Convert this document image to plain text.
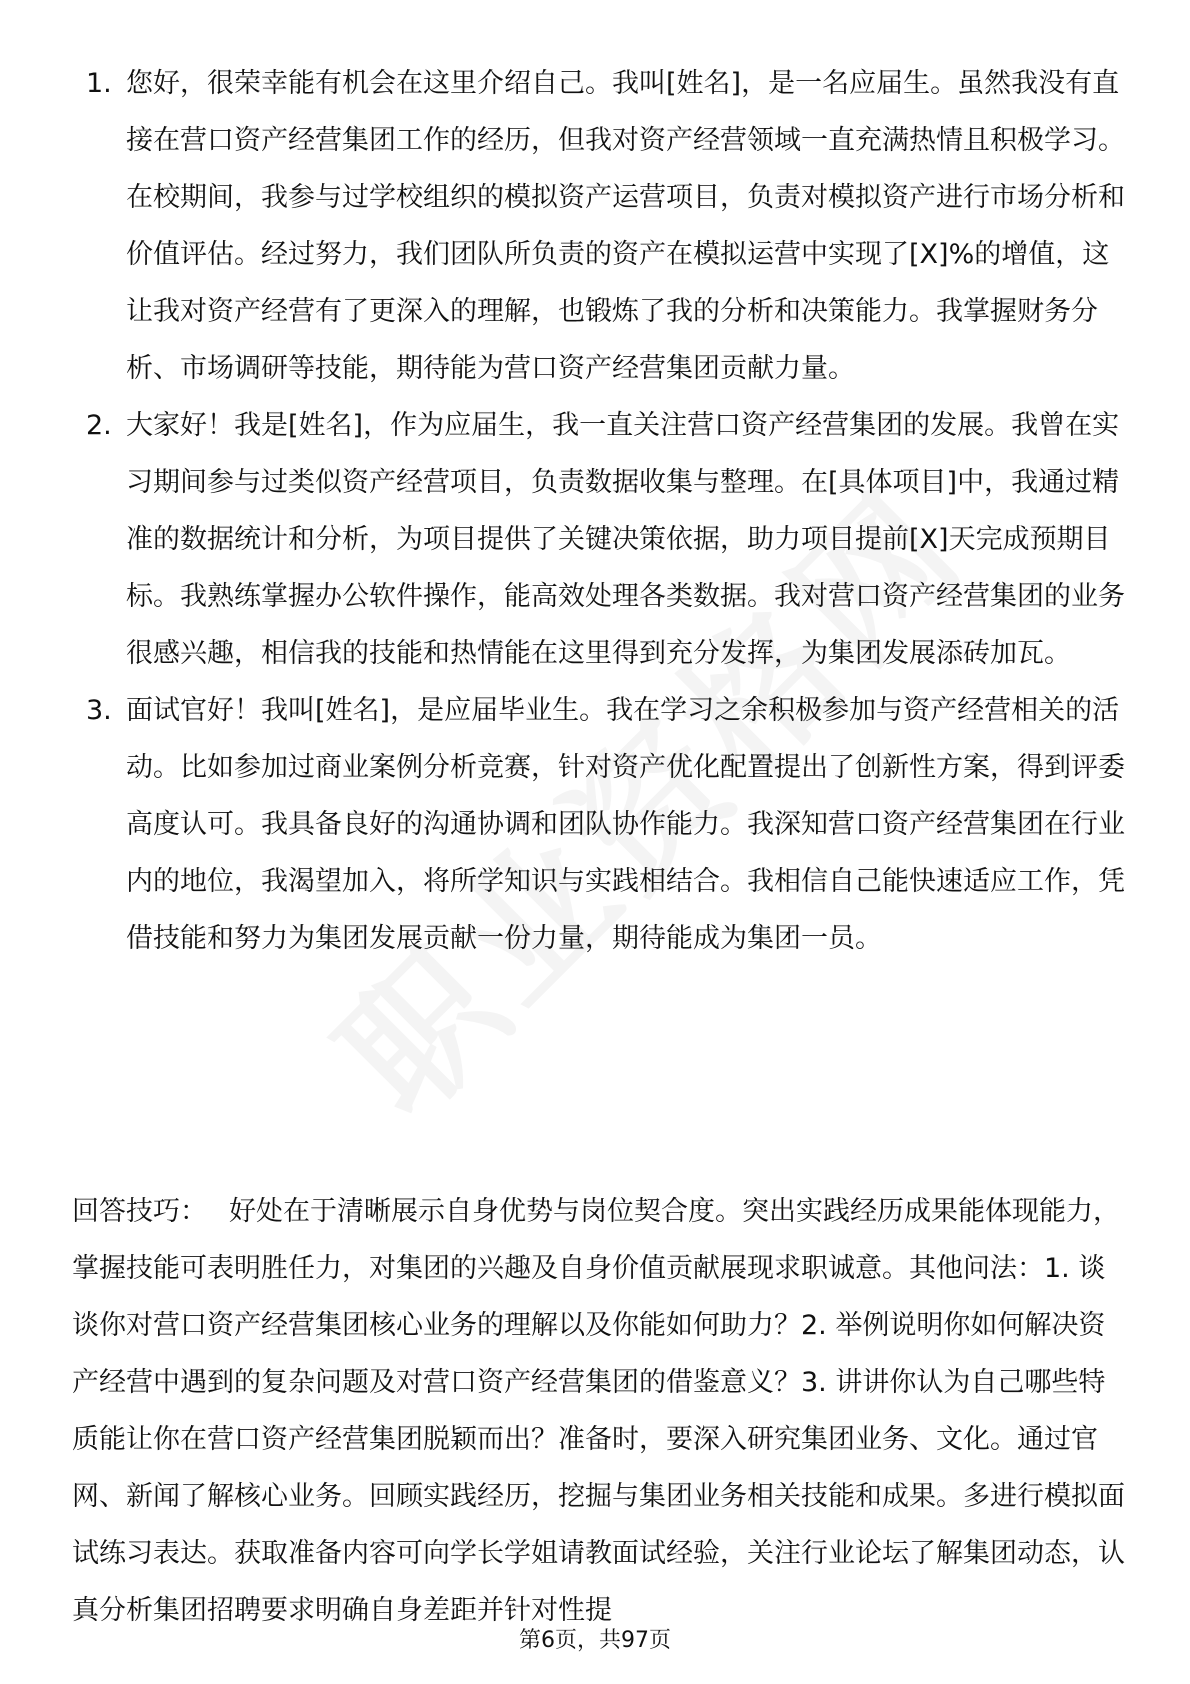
1. 您好，很荣幸能有机会在这里介绍自己。我叫[姓名]，是一名应届生。虽然我没有直接在营口资产经营集团工作的经历，但我对资产经营领域一直充满热情且积极学习。在校期间，我参与过学校组织的模拟资产运营项目，负责对模拟资产进行市场分析和价值评估。经过努力，我们团队所负责的资产在模拟运营中实现了[X]%的增值，这让我对资产经营有了更深入的理解，也锻炼了我的分析和决策能力。我掌握财务分析、市场调研等技能，期待能为营口资产经营集团贡献力量。
2. 大家好！我是[姓名]，作为应届生，我一直关注营口资产经营集团的发展。我曾在实习期间参与过类似资产经营项目，负责数据收集与整理。在[具体项目]中，我通过精准的数据统计和分析，为项目提供了关键决策依据，助力项目提前[X]天完成预期目标。我熟练掌握办公软件操作，能高效处理各类数据。我对营口资产经营集团的业务很感兴趣，相信我的技能和热情能在这里得到充分发挥，为集团发展添砖加瓦。
3. 面试官好！我叫[姓名]，是应届毕业生。我在学习之余积极参加与资产经营相关的活动。比如参加过商业案例分析竞赛，针对资产优化配置提出了创新性方案，得到评委高度认可。我具备良好的沟通协调和团队协作能力。我深知营口资产经营集团在行业内的地位，我渴望加入，将所学知识与实践相结合。我相信自己能快速适应工作，凭借技能和努力为集团发展贡献一份力量，期待能成为集团一员。

回答技巧： 好处在于清晰展示自身优势与岗位契合度。突出实践经历成果能体现能力，掌握技能可表明胜任力，对集团的兴趣及自身价值贡献展现求职诚意。其他问法：1. 谈谈你对营口资产经营集团核心业务的理解以及你能如何助力？2. 举例说明你如何解决资产经营中遇到的复杂问题及对营口资产经营集团的借鉴意义？3. 讲讲你认为自己哪些特质能让你在营口资产经营集团脱颖而出？准备时，要深入研究集团业务、文化。通过官网、新闻了解核心业务。回顾实践经历，挖掘与集团业务相关技能和成果。多进行模拟面试练习表达。获取准备内容可向学长学姐请教面试经验，关注行业论坛了解集团动态，认真分析集团招聘要求明确自身差距并针对性提

第6页，共97页
